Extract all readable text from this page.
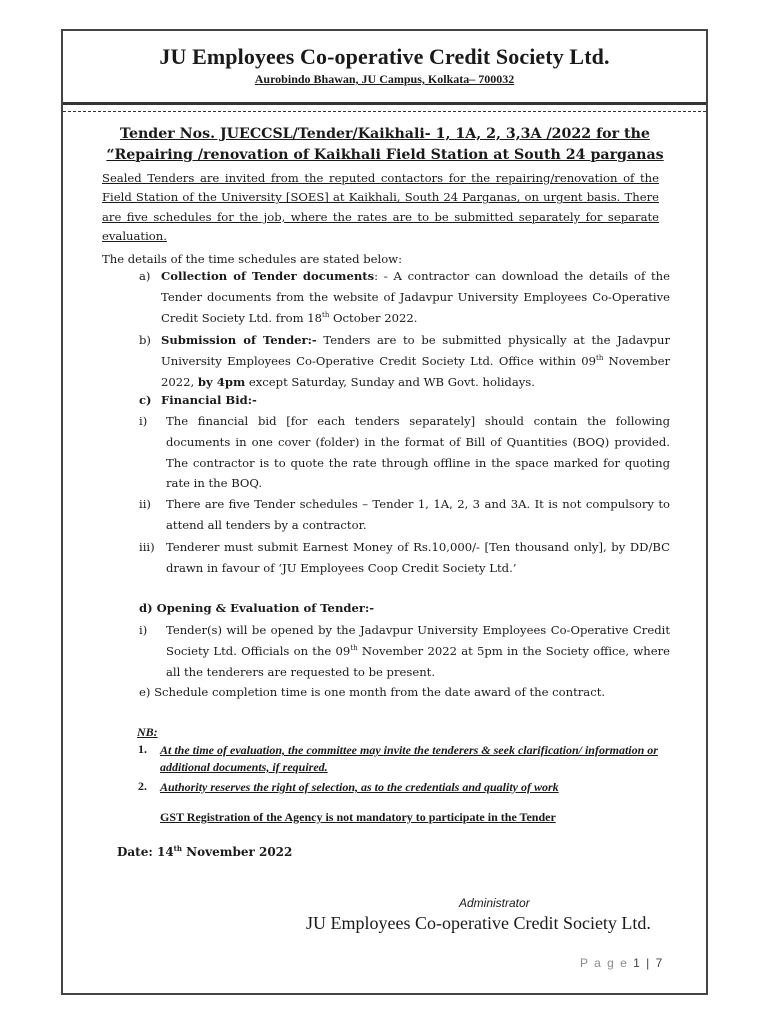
JU Employees Co-operative Credit Society Ltd.
Aurobindo Bhawan, JU Campus, Kolkata– 700032
Tender Nos. JUECCSL/Tender/Kaikhali- 1, 1A, 2, 3,3A /2022 for the
“Repairing /renovation of Kaikhali Field Station at South 24 parganas
Sealed Tenders are invited from the reputed contactors for the repairing/renovation of the Field Station of the University [SOES] at Kaikhali, South 24 Parganas, on urgent basis. There are five schedules for the job, where the rates are to be submitted separately for separate evaluation.
The details of the time schedules are stated below:
a) Collection of Tender documents: - A contractor can download the details of the Tender documents from the website of Jadavpur University Employees Co-Operative Credit Society Ltd. from 18th October 2022.
b) Submission of Tender:- Tenders are to be submitted physically at the Jadavpur University Employees Co-Operative Credit Society Ltd. Office within 09th November 2022, by 4pm except Saturday, Sunday and WB Govt. holidays.
c) Financial Bid:-
i) The financial bid [for each tenders separately] should contain the following documents in one cover (folder) in the format of Bill of Quantities (BOQ) provided. The contractor is to quote the rate through offline in the space marked for quoting rate in the BOQ.
ii) There are five Tender schedules – Tender 1, 1A, 2, 3 and 3A. It is not compulsory to attend all tenders by a contractor.
iii) Tenderer must submit Earnest Money of Rs.10,000/- [Ten thousand only], by DD/BC drawn in favour of ‘JU Employees Coop Credit Society Ltd.’
d) Opening & Evaluation of Tender:-
i) Tender(s) will be opened by the Jadavpur University Employees Co-Operative Credit Society Ltd. Officials on the 09th November 2022 at 5pm in the Society office, where all the tenderers are requested to be present.
e) Schedule completion time is one month from the date award of the contract.
NB:
1. At the time of evaluation, the committee may invite the tenderers & seek clarification/ information or additional documents, if required.
2. Authority reserves the right of selection, as to the credentials and quality of work
GST Registration of the Agency is not mandatory to participate in the Tender
Date: 14th November 2022
Administrator
JU Employees Co-operative Credit Society Ltd.
P a g e 1 | 7
